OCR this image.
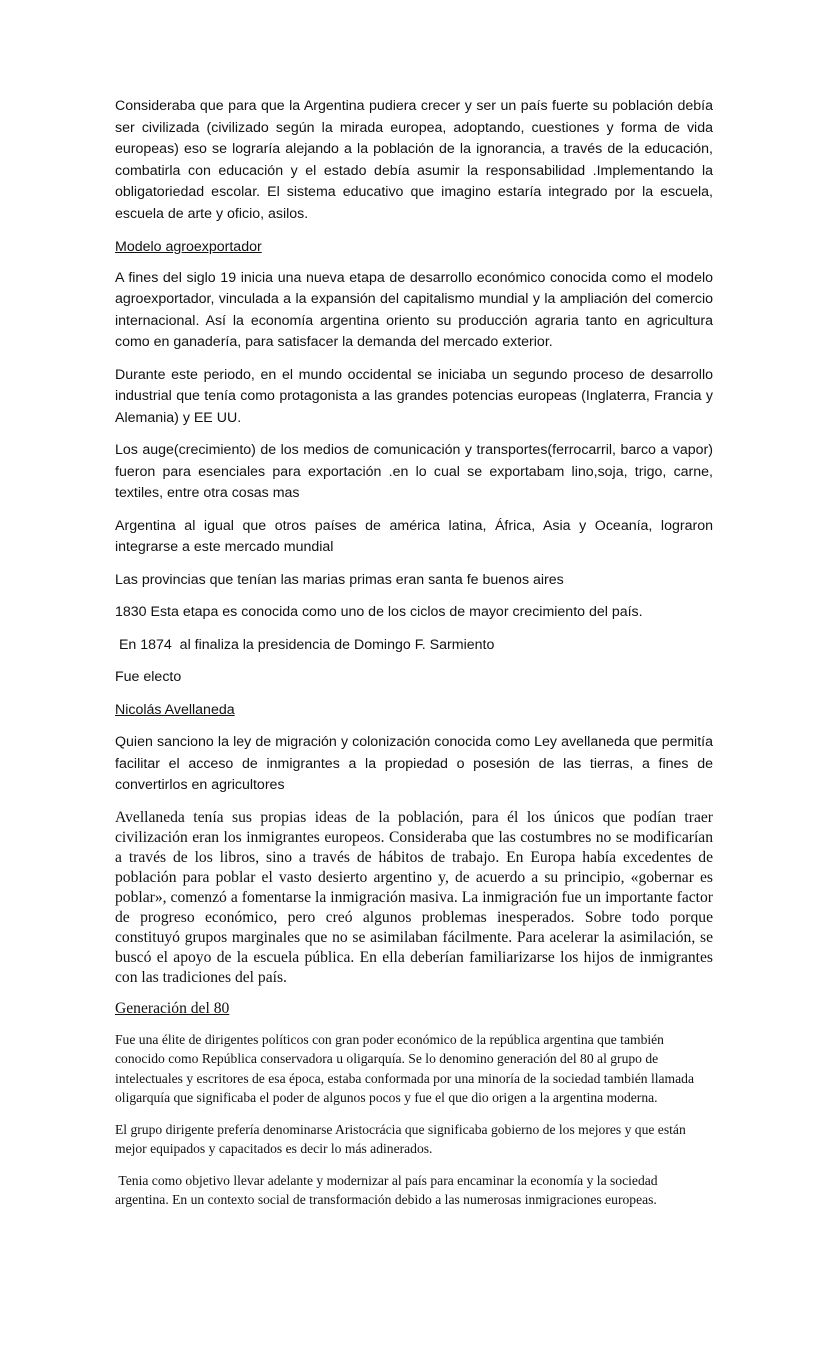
Consideraba que para que la Argentina pudiera crecer y ser un país fuerte su población debía ser civilizada (civilizado según la mirada europea, adoptando, cuestiones y forma de vida europeas) eso se lograría alejando a la población de la ignorancia, a través de la educación, combatirla con educación y el estado debía asumir la responsabilidad .Implementando la obligatoriedad escolar. El sistema educativo que imagino estaría integrado por la escuela, escuela de arte y oficio, asilos.

Modelo agroexportador

A fines del siglo 19 inicia una nueva etapa de desarrollo económico conocida como el modelo agroexportador, vinculada a la expansión del capitalismo mundial y la ampliación del comercio internacional. Así la economía argentina oriento su producción agraria tanto en agricultura como en ganadería, para satisfacer la demanda del mercado exterior.

Durante este periodo, en el mundo occidental se iniciaba un segundo proceso de desarrollo industrial que tenía como protagonista a las grandes potencias europeas (Inglaterra, Francia y Alemania) y EE UU.

Los auge(crecimiento) de los medios de comunicación y transportes(ferrocarril, barco a vapor) fueron para esenciales para exportación .en lo cual se exportabam lino,soja, trigo, carne, textiles, entre otra cosas mas

Argentina al igual que otros países de américa latina, África, Asia y Oceanía, lograron integrarse a este mercado mundial

Las provincias que tenían las marias primas eran santa fe buenos aires

1830 Esta etapa es conocida como uno de los ciclos de mayor crecimiento del país.

En 1874  al finaliza la presidencia de Domingo F. Sarmiento

Fue electo

Nicolás Avellaneda

Quien sanciono la ley de migración y colonización conocida como Ley avellaneda que permitía facilitar el acceso de inmigrantes a la propiedad o posesión de las tierras, a fines de convertirlos en agricultores

Avellaneda tenía sus propias ideas de la población, para él los únicos que podían traer civilización eran los inmigrantes europeos. Consideraba que las costumbres no se modificarían a través de los libros, sino a través de hábitos de trabajo. En Europa había excedentes de población para poblar el vasto desierto argentino y, de acuerdo a su principio, «gobernar es poblar», comenzó a fomentarse la inmigración masiva. La inmigración fue un importante factor de progreso económico, pero creó algunos problemas inesperados. Sobre todo porque constituyó grupos marginales que no se asimilaban fácilmente. Para acelerar la asimilación, se buscó el apoyo de la escuela pública. En ella deberían familiarizarse los hijos de inmigrantes con las tradiciones del país.

Generación del 80

Fue una élite de dirigentes políticos con gran poder económico de la república argentina que también conocido como República conservadora u oligarquía. Se lo denomino generación del 80 al grupo de intelectuales y escritores de esa época, estaba conformada por una minoría de la sociedad también llamada oligarquía que significaba el poder de algunos pocos y fue el que dio origen a la argentina moderna.

El grupo dirigente prefería denominarse Aristocrácia que significaba gobierno de los mejores y que están mejor equipados y capacitados es decir lo más adinerados.

Tenia como objetivo llevar adelante y modernizar al país para encaminar la economía y la sociedad argentina. En un contexto social de transformación debido a las numerosas inmigraciones europeas.
